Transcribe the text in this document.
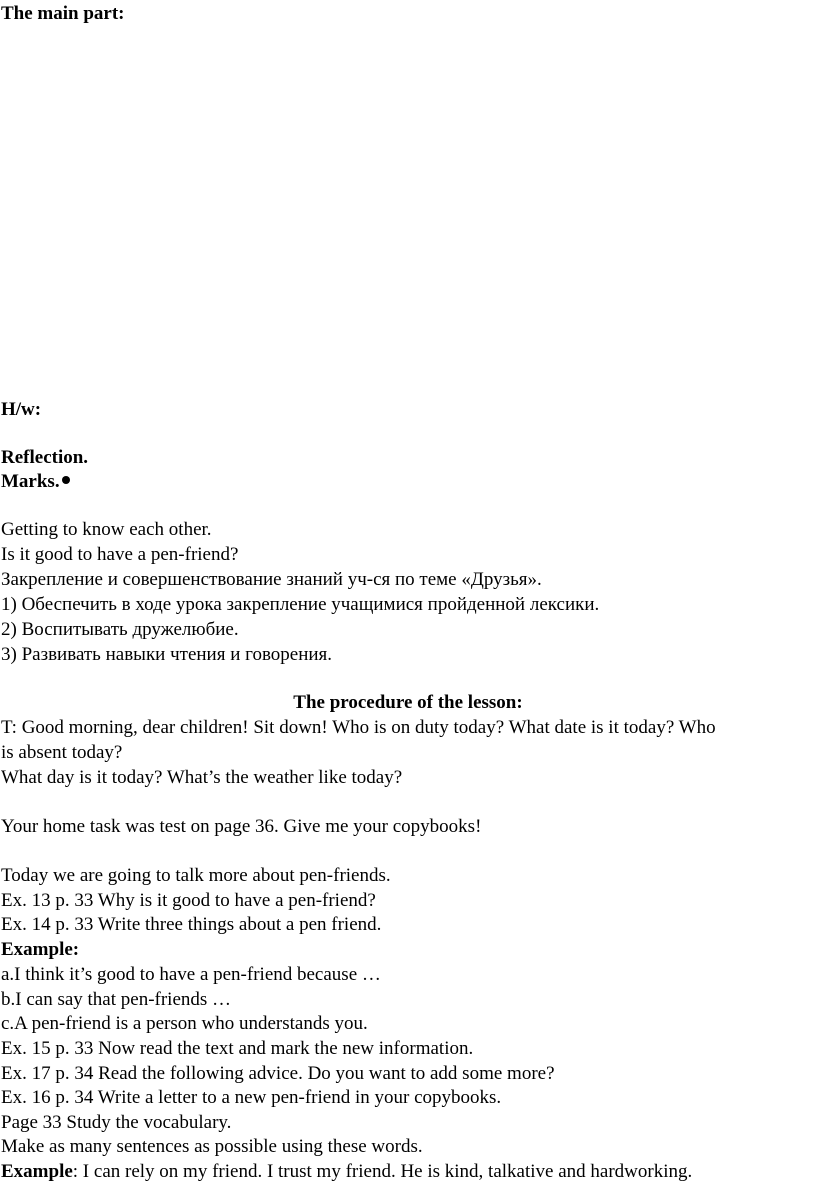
The main part:
H/w:
Reflection.
Marks.
Getting to know each other.
Is it good to have a pen-friend?
Закрепление и совершенствование знаний уч-ся по теме «Друзья».
1) Обеспечить в ходе урока закрепление учащимися пройденной лексики.
2) Воспитывать дружелюбие.
3) Развивать навыки чтения и говорения.
The procedure of the lesson:
T: Good morning, dear children! Sit down! Who is on duty today? What date is it today? Who
is absent today?
What day is it today? What’s the weather like today?
Your home task was test on page 36. Give me your copybooks!
Today we are going to talk more about pen-friends.
Ex. 13 p. 33 Why is it good to have a pen-friend?
Ex. 14 p. 33 Write three things about a pen friend.
Example:
a.I think it’s good to have a pen-friend because …
b.I can say that pen-friends …
c.A pen-friend is a person who understands you.
Ex. 15 p. 33 Now read the text and mark the new information.
Ex. 17 p. 34 Read the following advice. Do you want to add some more?
Ex. 16 p. 34 Write a letter to a new pen-friend in your copybooks.
Page 33 Study the vocabulary.
Make as many sentences as possible using these words.
Example: I can rely on my friend. I trust my friend. He is kind, talkative and hardworking.
